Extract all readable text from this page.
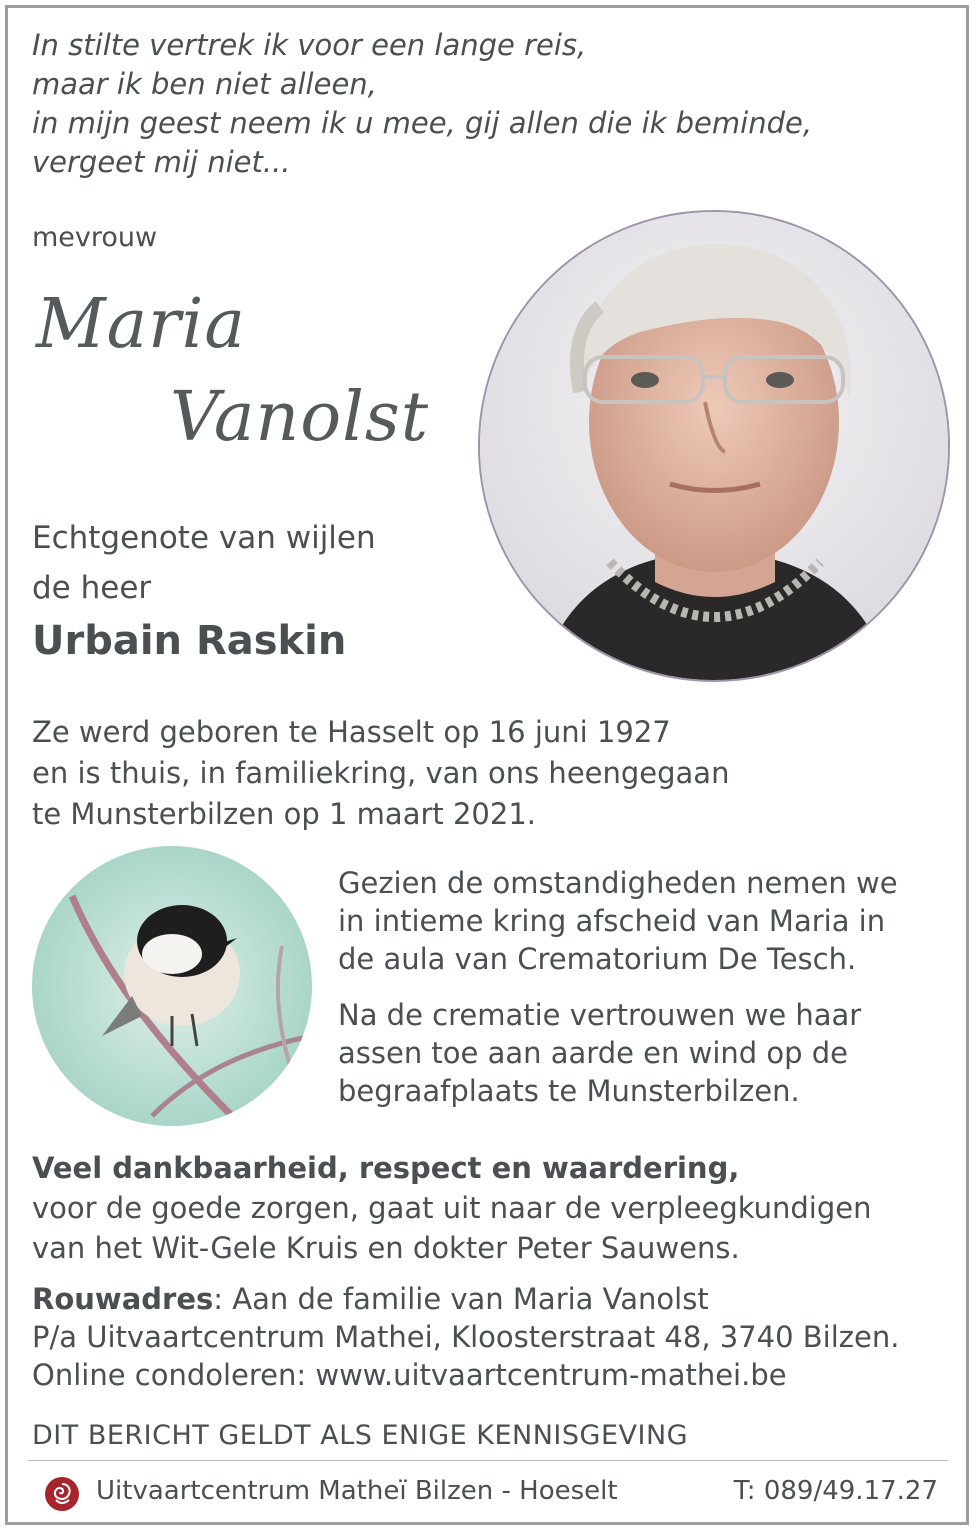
In stilte vertrek ik voor een lange reis,
maar ik ben niet alleen,
in mijn geest neem ik u mee, gij allen die ik beminde,
vergeet mij niet...
mevrouw
Maria
Vanolst
Echtgenote van wijlen
de heer
Urbain Raskin
Ze werd geboren te Hasselt op 16 juni 1927
en is thuis, in familiekring, van ons heengegaan
te Munsterbilzen op 1 maart 2021.
Gezien de omstandigheden nemen we
in intieme kring afscheid van Maria in
de aula van Crematorium De Tesch.
Na de crematie vertrouwen we haar
assen toe aan aarde en wind op de
begraafplaats te Munsterbilzen.
Veel dankbaarheid, respect en waardering,
voor de goede zorgen, gaat uit naar de verpleegkundigen
van het Wit-Gele Kruis en dokter Peter Sauwens.
Rouwadres: Aan de familie van Maria Vanolst
P/a Uitvaartcentrum Mathei, Kloosterstraat 48, 3740 Bilzen.
Online condoleren: www.uitvaartcentrum-mathei.be
DIT BERICHT GELDT ALS ENIGE KENNISGEVING
Uitvaartcentrum Matheï Bilzen - Hoeselt	T: 089/49.17.27
